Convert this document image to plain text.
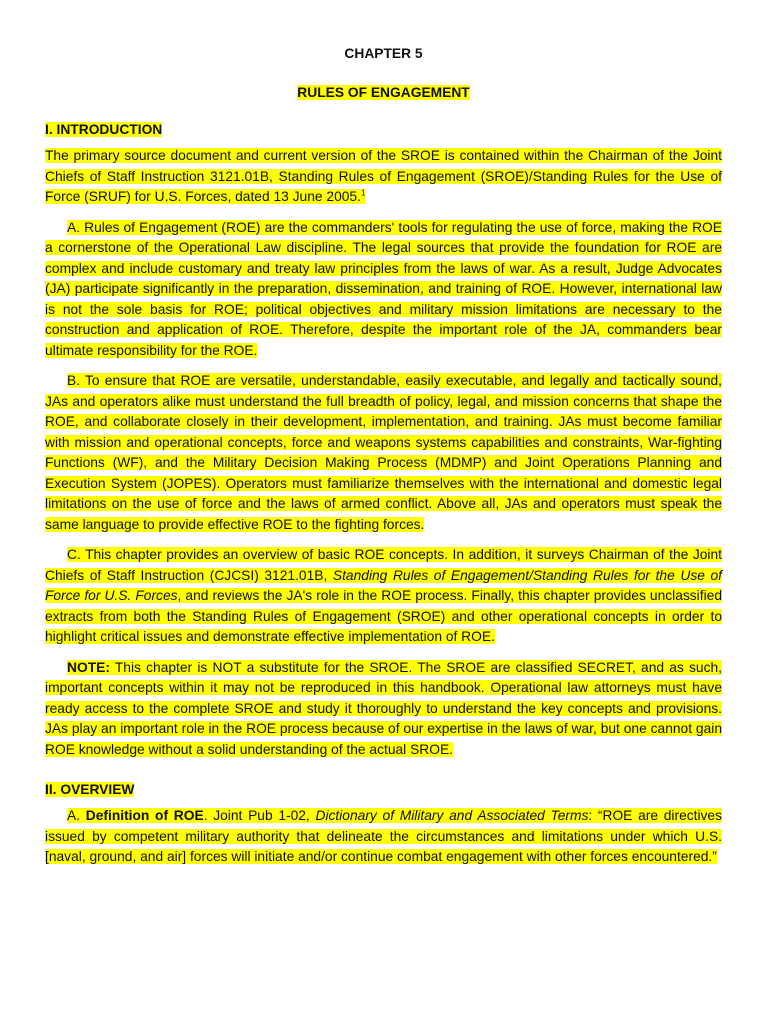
CHAPTER 5
RULES OF ENGAGEMENT
I. INTRODUCTION

The primary source document and current version of the SROE is contained within the Chairman of the Joint Chiefs of Staff Instruction 3121.01B, Standing Rules of Engagement (SROE)/Standing Rules for the Use of Force (SRUF) for U.S. Forces, dated 13 June 2005.$^1$

A. Rules of Engagement (ROE) are the commanders' tools for regulating the use of force, making the ROE a cornerstone of the Operational Law discipline. The legal sources that provide the foundation for ROE are complex and include customary and treaty law principles from the laws of war. As a result, Judge Advocates (JA) participate significantly in the preparation, dissemination, and training of ROE. However, international law is not the sole basis for ROE; political objectives and military mission limitations are necessary to the construction and application of ROE. Therefore, despite the important role of the JA, commanders bear ultimate responsibility for the ROE.

B. To ensure that ROE are versatile, understandable, easily executable, and legally and tactically sound, JAs and operators alike must understand the full breadth of policy, legal, and mission concerns that shape the ROE, and collaborate closely in their development, implementation, and training. JAs must become familiar with mission and operational concepts, force and weapons systems capabilities and constraints, War-fighting Functions (WF), and the Military Decision Making Process (MDMP) and Joint Operations Planning and Execution System (JOPES). Operators must familiarize themselves with the international and domestic legal limitations on the use of force and the laws of armed conflict. Above all, JAs and operators must speak the same language to provide effective ROE to the fighting forces.

C. This chapter provides an overview of basic ROE concepts. In addition, it surveys Chairman of the Joint Chiefs of Staff Instruction (CJCSI) 3121.01B, Standing Rules of Engagement/Standing Rules for the Use of Force for U.S. Forces, and reviews the JA's role in the ROE process. Finally, this chapter provides unclassified extracts from both the Standing Rules of Engagement (SROE) and other operational concepts in order to highlight critical issues and demonstrate effective implementation of ROE.

NOTE: This chapter is NOT a substitute for the SROE. The SROE are classified SECRET, and as such, important concepts within it may not be reproduced in this handbook. Operational law attorneys must have ready access to the complete SROE and study it thoroughly to understand the key concepts and provisions. JAs play an important role in the ROE process because of our expertise in the laws of war, but one cannot gain ROE knowledge without a solid understanding of the actual SROE.

II. OVERVIEW

A. Definition of ROE. Joint Pub 1-02, Dictionary of Military and Associated Terms: “ROE are directives issued by competent military authority that delineate the circumstances and limitations under which U.S. [naval, ground, and air] forces will initiate and/or continue combat engagement with other forces encountered.”
